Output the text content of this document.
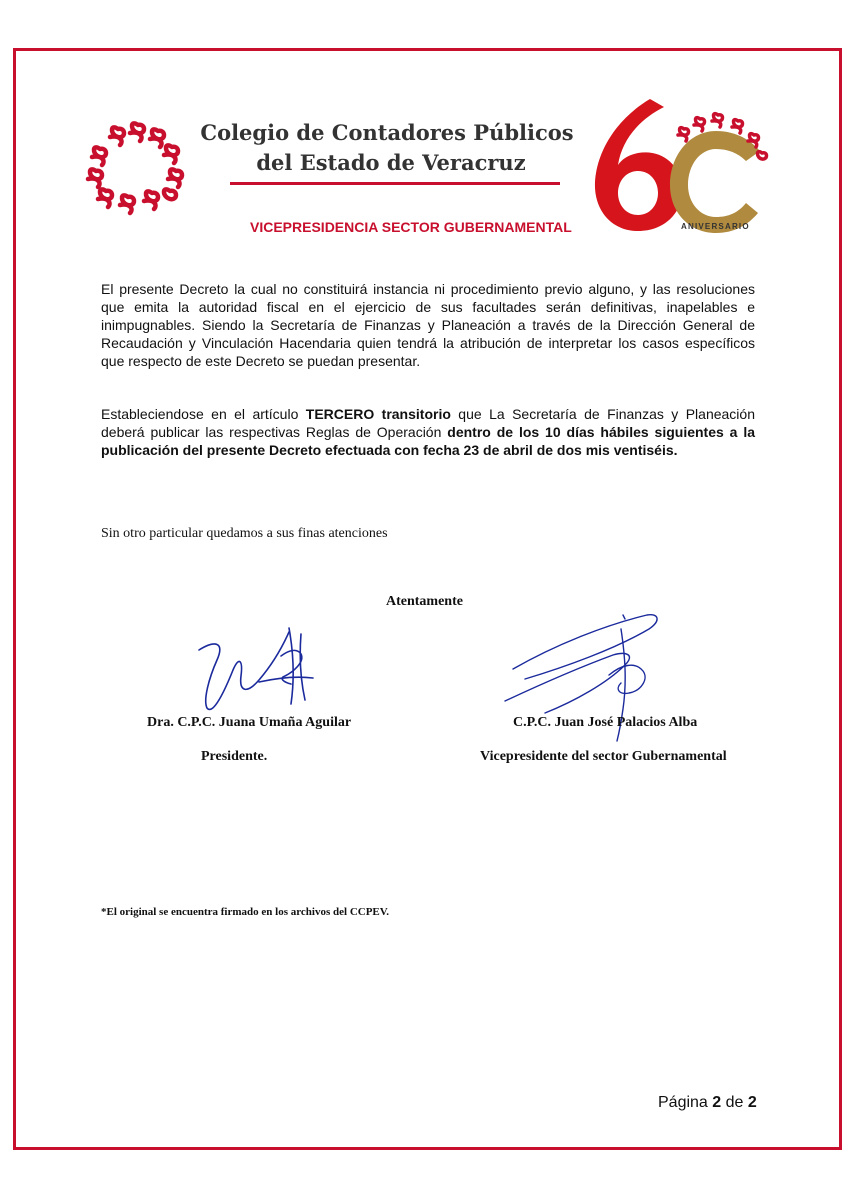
Colegio de Contadores Públicos
del Estado de Veracruz
VICEPRESIDENCIA SECTOR GUBERNAMENTAL	ANIVERSARIO
El presente Decreto la cual no constituirá instancia ni procedimiento previo alguno, y las resoluciones que emita la autoridad fiscal en el ejercicio de sus facultades serán definitivas, inapelables e inimpugnables. Siendo la Secretaría de Finanzas y Planeación a través de la Dirección General de Recaudación y Vinculación Hacendaria quien tendrá la atribución de interpretar los casos específicos que respecto de este Decreto se puedan presentar.
Estableciendose en el artículo TERCERO transitorio que La Secretaría de Finanzas y Planeación deberá publicar las respectivas Reglas de Operación dentro de los 10 días hábiles siguientes a la publicación del presente Decreto efectuada con fecha 23 de abril de dos mis ventiséis.
Sin otro particular quedamos a sus finas atenciones
Atentamente
Dra. C.P.C. Juana Umaña Aguilar
Presidente.
C.P.C. Juan José Palacios Alba
Vicepresidente del sector Gubernamental
*El original se encuentra firmado en los archivos del CCPEV.
Página 2 de 2
